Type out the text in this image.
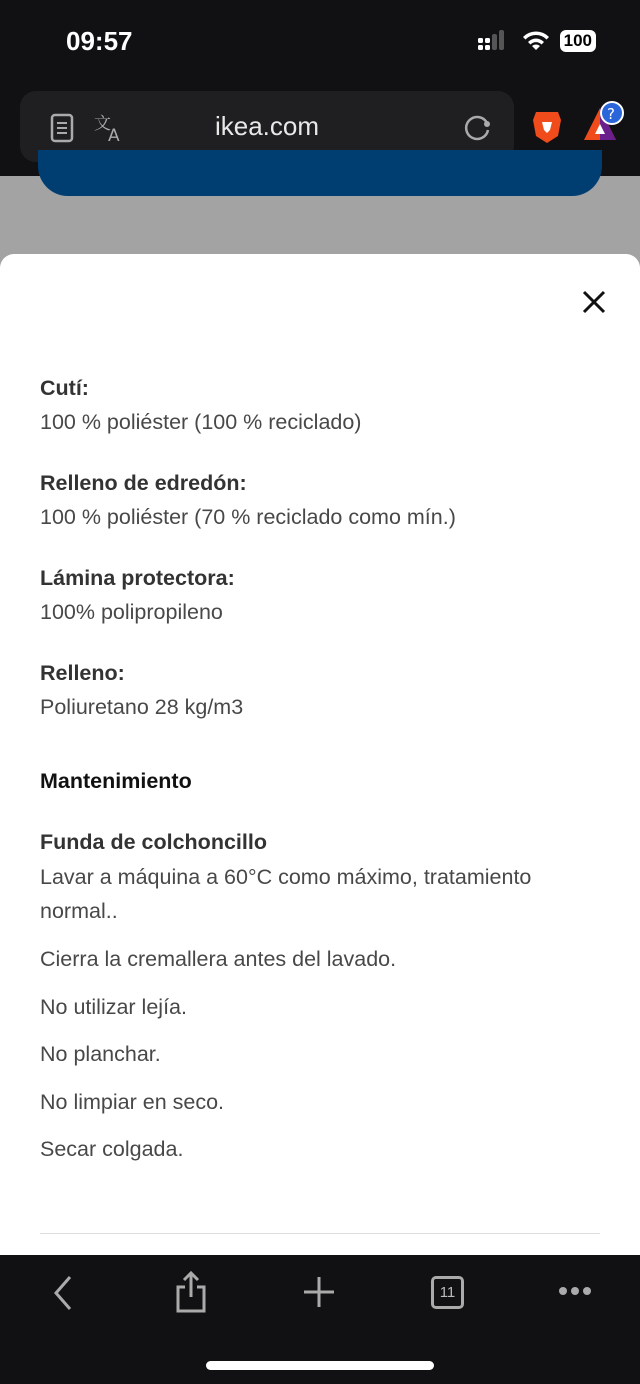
09:57	100
文
A	ikea.com	?
Cutí:
100 % poliéster (100 % reciclado)
Relleno de edredón:
100 % poliéster (70 % reciclado como mín.)
Lámina protectora:
100% polipropileno
Relleno:
Poliuretano 28 kg/m3
Mantenimiento
Funda de colchoncillo
Lavar a máquina a 60°C como máximo, tratamiento
normal..
Cierra la cremallera antes del lavado.
No utilizar lejía.
No planchar.
No limpiar en seco.
Secar colgada.
11
